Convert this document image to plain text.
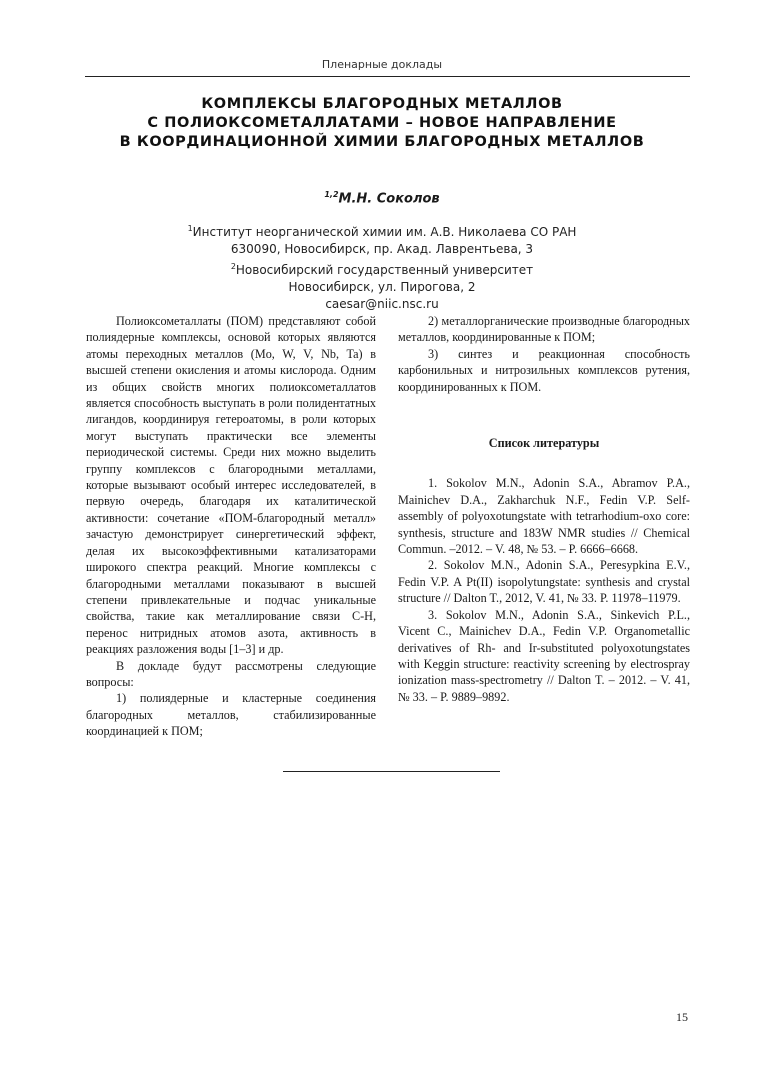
Пленарные доклады
КОМПЛЕКСЫ БЛАГОРОДНЫХ МЕТАЛЛОВ
С ПОЛИОКСОМЕТАЛЛАТАМИ – НОВОЕ НАПРАВЛЕНИЕ
В КООРДИНАЦИОННОЙ ХИМИИ БЛАГОРОДНЫХ МЕТАЛЛОВ
$^{1,2}$М.Н. Соколов
$^1$Институт неорганической химии им. А.В. Николаева СО РАН
630090, Новосибирск, пр. Акад. Лаврентьева, 3
$^2$Новосибирский государственный университет
Новосибирск, ул. Пирогова, 2
caesar@niic.nsc.ru

Полиоксометаллаты (ПОМ) представляют собой полиядерные комплексы, основой которых являются атомы переходных металлов (Mo, W, V, Nb, Ta) в высшей степени окисления и атомы кислорода. Одним из общих свойств многих полиоксометаллатов является способность выступать в роли полидентатных лигандов, координируя гетероатомы, в роли которых могут выступать практически все элементы периодической системы. Среди них можно выделить группу комплексов с благородными металлами, которые вызывают особый интерес исследователей, в первую очередь, благодаря их каталитической активности: сочетание «ПОМ-благородный металл» зачастую демонстрирует синергетический эффект, делая их высокоэффективными катализаторами широкого спектра реакций. Многие комплексы с благородными металлами показывают в высшей степени привлекательные и подчас уникальные свойства, такие как металлирование связи C-H, перенос нитридных атомов азота, активность в реакциях разложения воды [1–3] и др.

В докладе будут рассмотрены следующие вопросы:

1) полиядерные и кластерные соединения благородных металлов, стабилизированные координацией к ПОМ;

2) металлорганические производные благородных металлов, координированные к ПОМ;

3) синтез и реакционная способность карбонильных и нитрозильных комплексов рутения, координированных к ПОМ.

Список литературы

1. Sokolov M.N., Adonin S.A., Abramov P.A., Mainichev D.A., Zakharchuk N.F., Fedin V.P. Self-assembly of polyoxotungstate with tetrarhodium-oxo core: synthesis, structure and 183W NMR studies // Chemical Commun. –2012. – V. 48, № 53. – P. 6666–6668.

2. Sokolov M.N., Adonin S.A., Peresypkina E.V., Fedin V.P. A Pt(II) isopolytungstate: synthesis and crystal structure // Dalton T., 2012, V. 41, № 33. P. 11978–11979.

3. Sokolov M.N., Adonin S.A., Sinkevich P.L., Vicent C., Mainichev D.A., Fedin V.P. Organometallic derivatives of Rh- and Ir-substituted polyoxotungstates with Keggin structure: reactivity screening by electrospray ionization mass-spectrometry // Dalton T. – 2012. – V. 41, № 33. – P. 9889–9892.

15
